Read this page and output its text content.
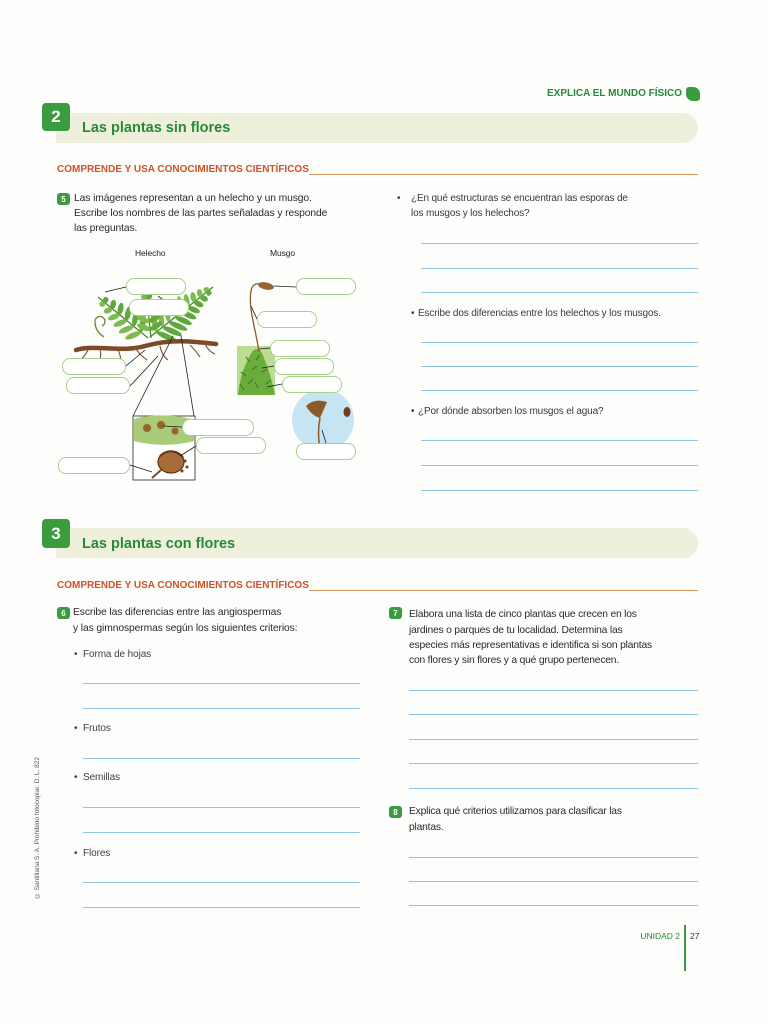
EXPLICA EL MUNDO FÍSICO
2
Las plantas sin flores
COMPRENDE Y USA CONOCIMIENTOS CIENTÍFICOS
5 Las imágenes representan a un helecho y un musgo.
Escribe los nombres de las partes señaladas y responde
las preguntas.
Helecho	Musgo
• ¿En qué estructuras se encuentran las esporas de
los musgos y los helechos?
• Escribe dos diferencias entre los helechos y los musgos.
• ¿Por dónde absorben los musgos el agua?
3
Las plantas con flores
COMPRENDE Y USA CONOCIMIENTOS CIENTÍFICOS
6 Escribe las diferencias entre las angiospermas
y las gimnospermas según los siguientes criterios:
• Forma de hojas
• Frutos
• Semillas
• Flores
7	Elabora una lista de cinco plantas que crecen en los
jardines o parques de tu localidad. Determina las
especies más representativas e identifica si son plantas
con flores y sin flores y a qué grupo pertenecen.
8	Explica qué criterios utilizamos para clasificar las
plantas.
UNIDAD 2 27
© Santillana S. A. Prohibido fotocopiar. D. L. 822
